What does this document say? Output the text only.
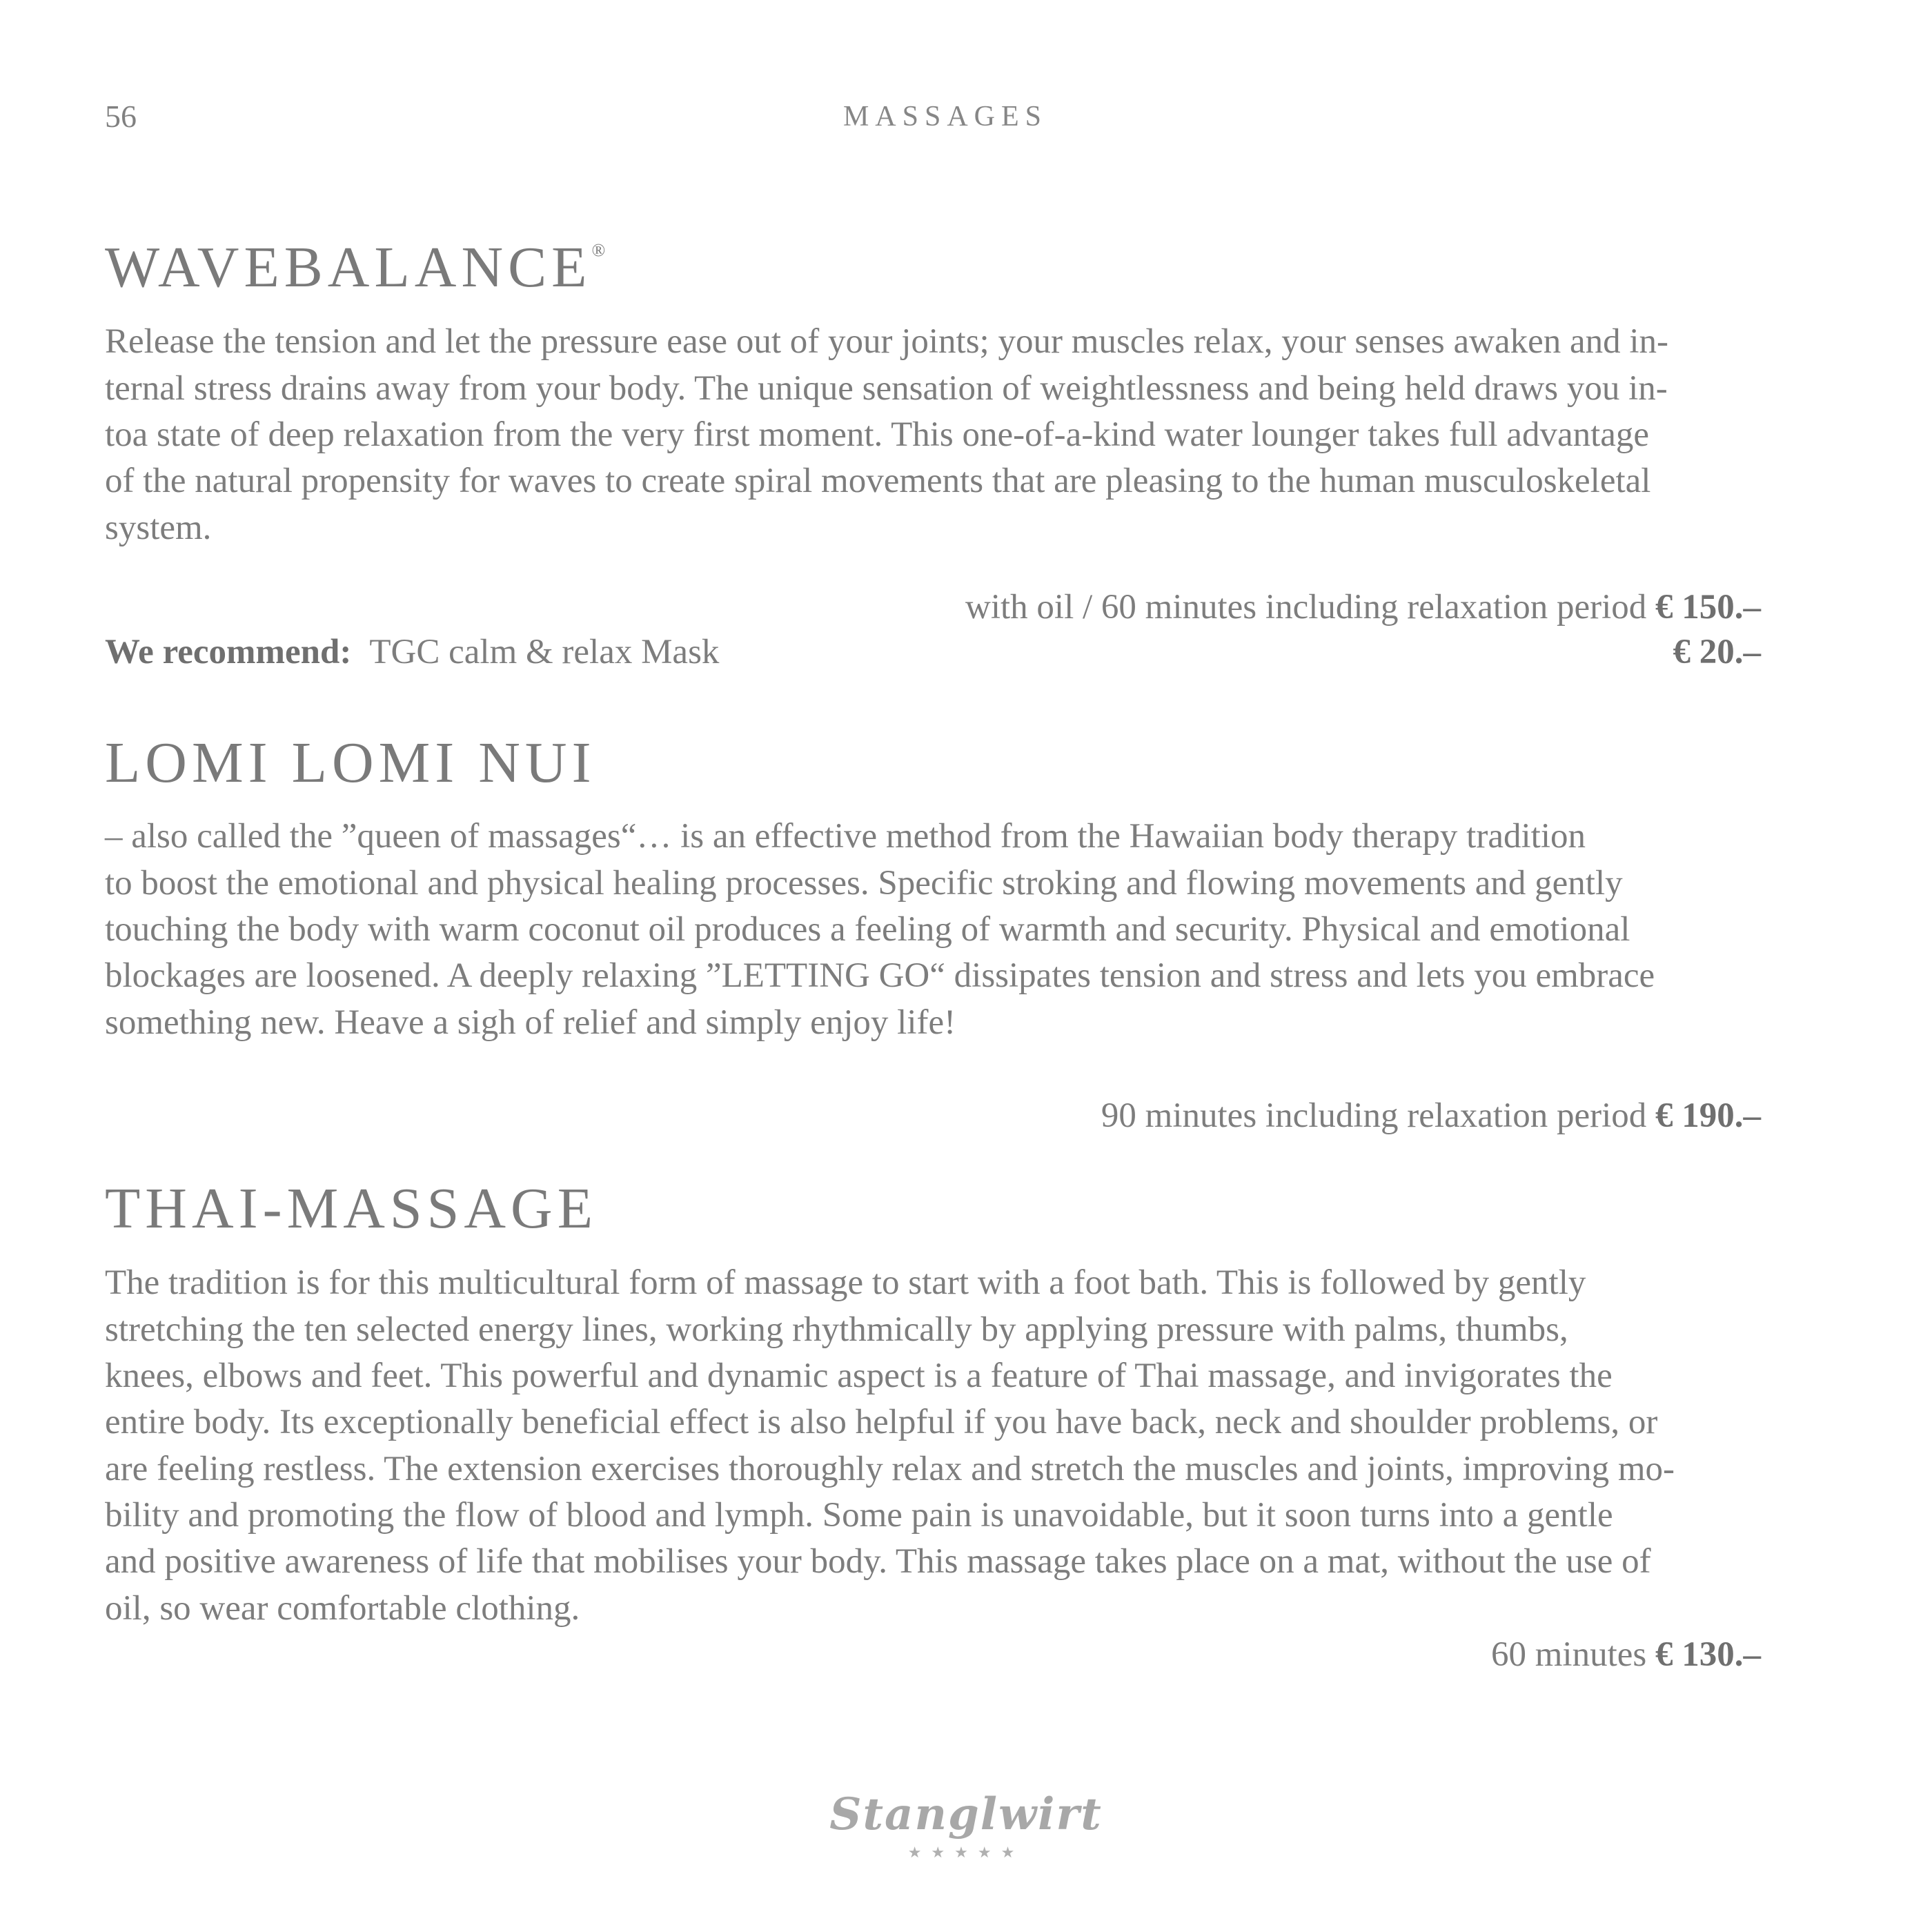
56	MASSAGES
WAVEBALANCE®
Release the tension and let the pressure ease out of your joints; your muscles relax, your senses awaken and in-
ternal stress drains away from your body. The unique sensation of weightlessness and being held draws you in-
toa state of deep relaxation from the very first moment. This one-of-a-kind water lounger takes full advantage
of the natural propensity for waves to create spiral movements that are pleasing to the human musculoskeletal
system.
with oil / 60 minutes including relaxation period € 150.–
We recommend: TGC calm & relax Mask	€ 20.–
LOMI LOMI NUI
– also called the ”queen of massages“… is an effective method from the Hawaiian body therapy tradition
to boost the emotional and physical healing processes. Specific stroking and flowing movements and gently
touching the body with warm coconut oil produces a feeling of warmth and security. Physical and emotional
blockages are loosened. A deeply relaxing ”LETTING GO“ dissipates tension and stress and lets you embrace
something new. Heave a sigh of relief and simply enjoy life!
90 minutes including relaxation period € 190.–
THAI-MASSAGE
The tradition is for this multicultural form of massage to start with a foot bath. This is followed by gently
stretching the ten selected energy lines, working rhythmically by applying pressure with palms, thumbs,
knees, elbows and feet. This powerful and dynamic aspect is a feature of Thai massage, and invigorates the
entire body. Its exceptionally beneficial effect is also helpful if you have back, neck and shoulder problems, or
are feeling restless. The extension exercises thoroughly relax and stretch the muscles and joints, improving mo-
bility and promoting the flow of blood and lymph. Some pain is unavoidable, but it soon turns into a gentle
and positive awareness of life that mobilises your body. This massage takes place on a mat, without the use of
oil, so wear comfortable clothing.
60 minutes € 130.–
Stanglwirt
★★★★★
